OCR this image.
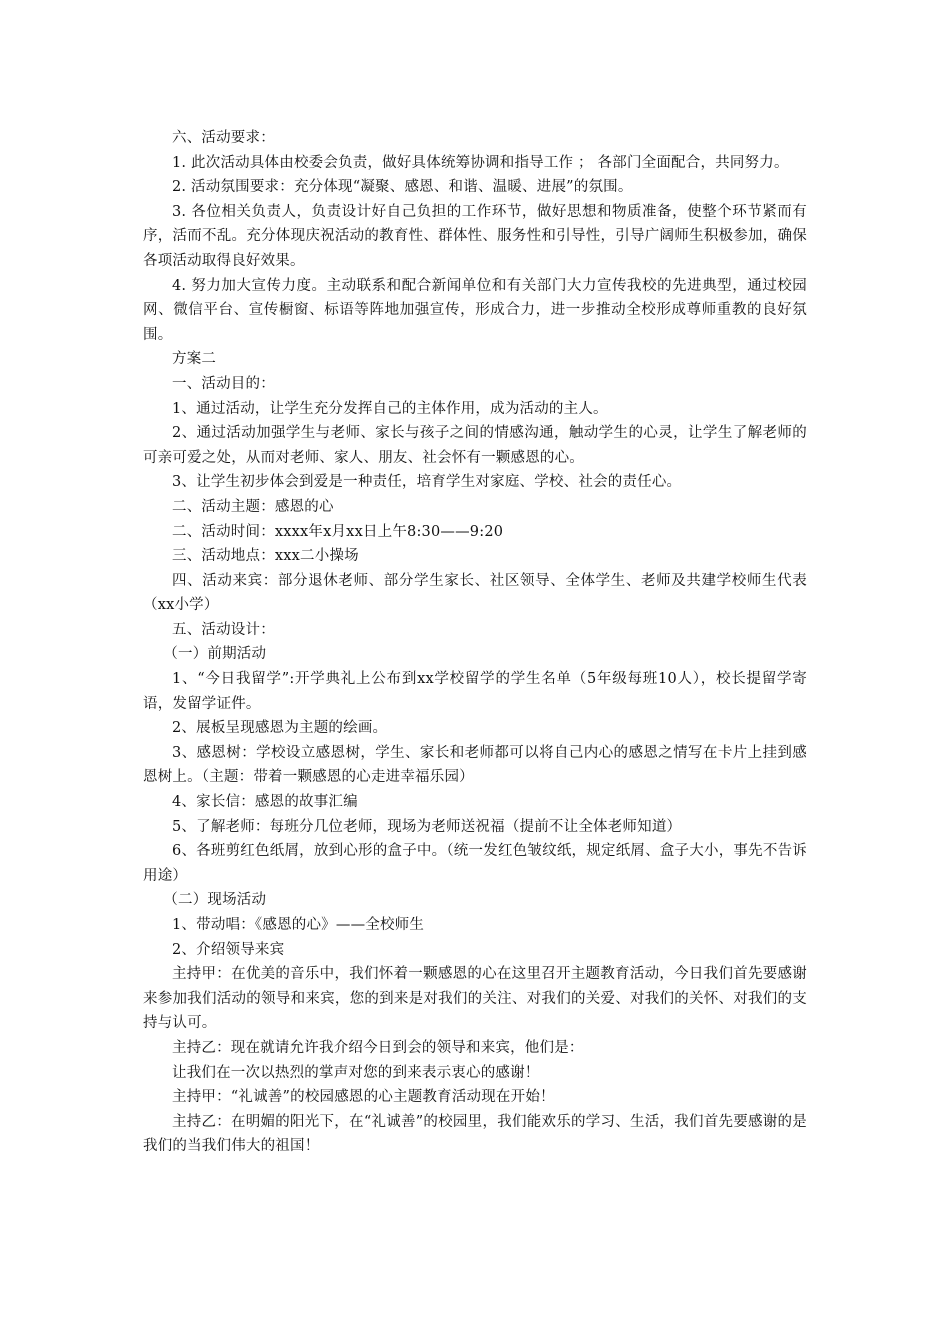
六、活动要求：

1. 此次活动具体由校委会负责，做好具体统筹协调和指导工作 ； 各部门全面配合，共同努力。

2. 活动氛围要求：充分体现“凝聚、感恩、和谐、温暖、进展”的氛围。

3. 各位相关负责人，负责设计好自己负担的工作环节，做好思想和物质准备，使整个环节紧而有序，活而不乱。充分体现庆祝活动的教育性、群体性、服务性和引导性，引导广阔师生积极参加，确保各项活动取得良好效果。

4. 努力加大宣传力度。主动联系和配合新闻单位和有关部门大力宣传我校的先进典型，通过校园网、微信平台、宣传橱窗、标语等阵地加强宣传，形成合力，进一步推动全校形成尊师重教的良好氛围。

方案二

一、活动目的：

1、通过活动，让学生充分发挥自己的主体作用，成为活动的主人。

2、通过活动加强学生与老师、家长与孩子之间的情感沟通，触动学生的心灵，让学生了解老师的可亲可爱之处，从而对老师、家人、朋友、社会怀有一颗感恩的心。

3、让学生初步体会到爱是一种责任，培育学生对家庭、学校、社会的责任心。

二、活动主题：感恩的心

二、活动时间：xxxx年x月xx日上午8:30——9:20

三、活动地点：xxx二小操场

四、活动来宾：部分退休老师、部分学生家长、社区领导、全体学生、老师及共建学校师生代表（xx小学）

五、活动设计：

（一）前期活动

1、“今日我留学”:开学典礼上公布到xx学校留学的学生名单（5年级每班10人），校长提留学寄语，发留学证件。

2、展板呈现感恩为主题的绘画。

3、感恩树：学校设立感恩树，学生、家长和老师都可以将自己内心的感恩之情写在卡片上挂到感恩树上。（主题：带着一颗感恩的心走进幸福乐园）

4、家长信：感恩的故事汇编

5、了解老师：每班分几位老师，现场为老师送祝福（提前不让全体老师知道）

6、各班剪红色纸屑，放到心形的盒子中。（统一发红色皱纹纸，规定纸屑、盒子大小，事先不告诉用途）

（二）现场活动

1、带动唱：《感恩的心》——全校师生

2、介绍领导来宾

主持甲：在优美的音乐中，我们怀着一颗感恩的心在这里召开主题教育活动，今日我们首先要感谢来参加我们活动的领导和来宾，您的到来是对我们的关注、对我们的关爱、对我们的关怀、对我们的支持与认可。

主持乙：现在就请允许我介绍今日到会的领导和来宾，他们是：

让我们在一次以热烈的掌声对您的到来表示衷心的感谢！

主持甲：“礼诚善”的校园感恩的心主题教育活动现在开始！

主持乙：在明媚的阳光下，在“礼诚善”的校园里，我们能欢乐的学习、生活，我们首先要感谢的是我们的当我们伟大的祖国！
